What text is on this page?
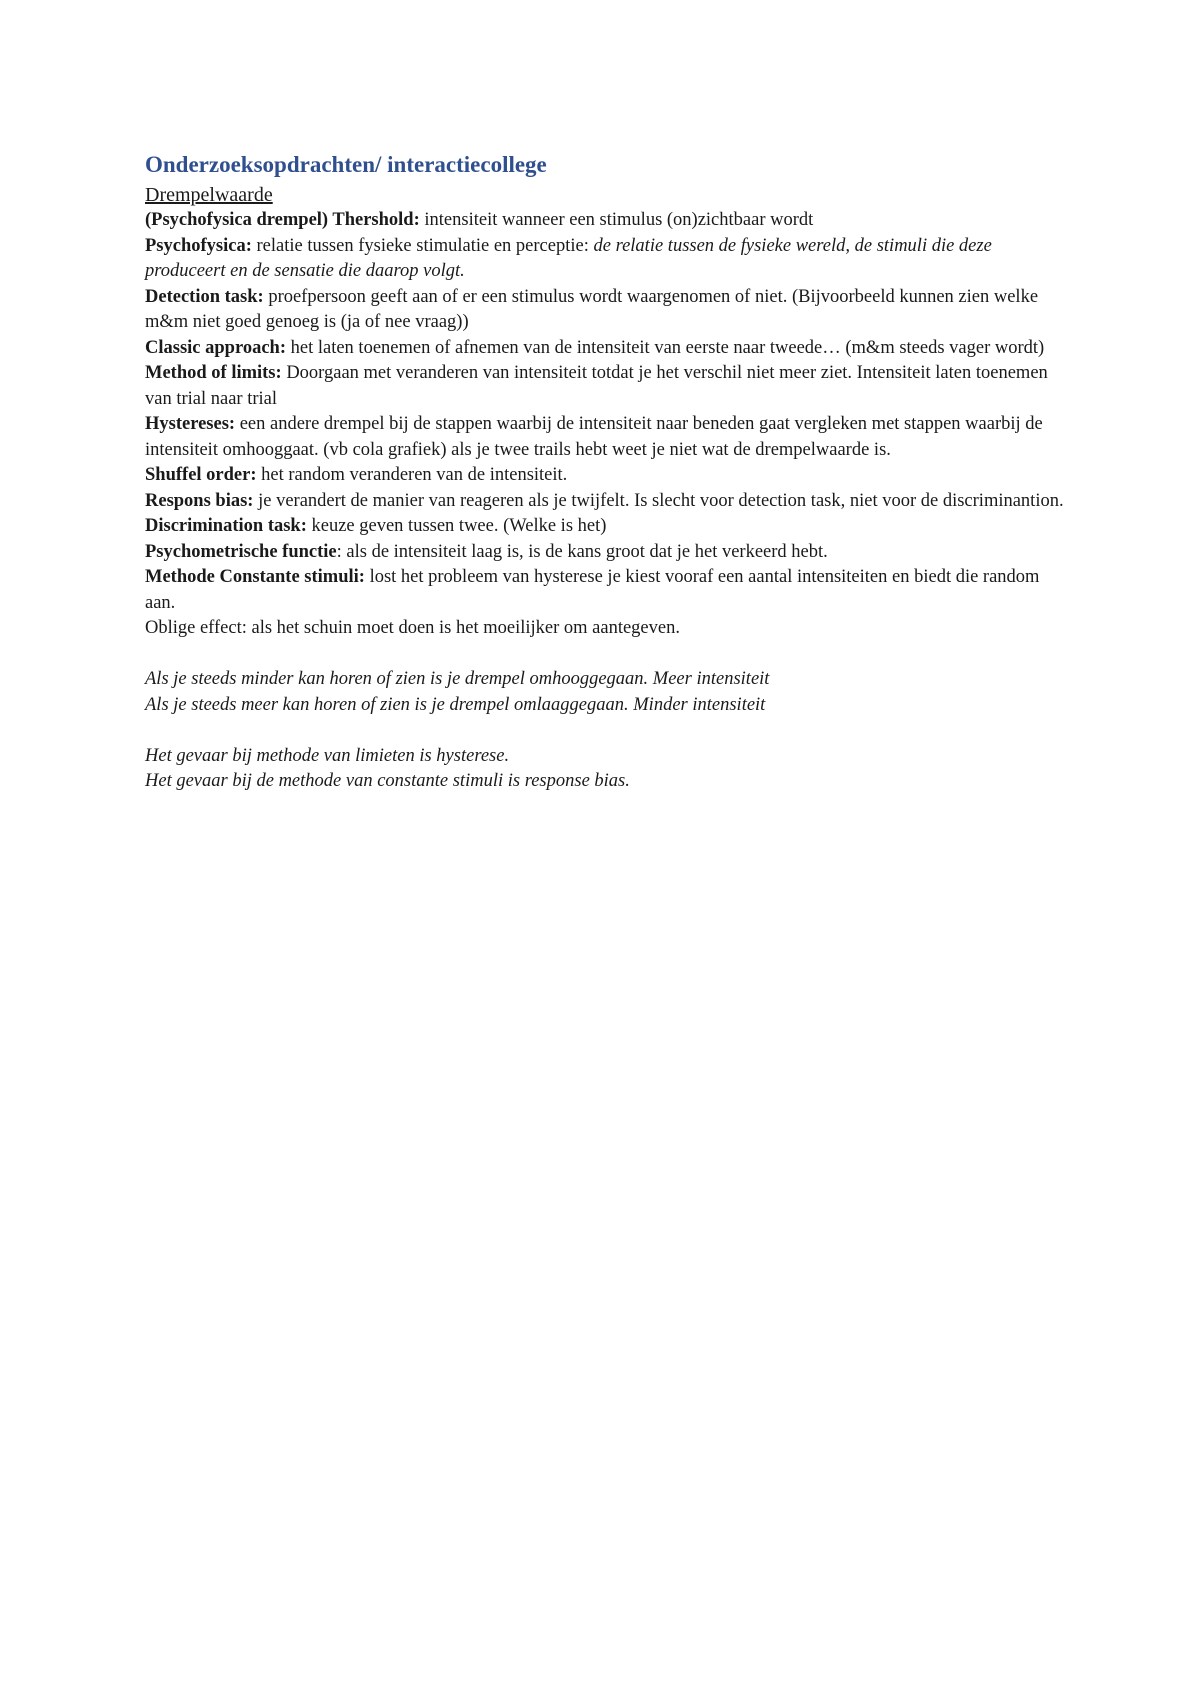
Onderzoeksopdrachten/ interactiecollege
Drempelwaarde

(Psychofysica drempel) Thershold: intensiteit wanneer een stimulus (on)zichtbaar wordt

Psychofysica: relatie tussen fysieke stimulatie en perceptie: de relatie tussen de fysieke wereld, de stimuli die deze produceert en de sensatie die daarop volgt.

Detection task: proefpersoon geeft aan of er een stimulus wordt waargenomen of niet. (Bijvoorbeeld kunnen zien welke m&m niet goed genoeg is (ja of nee vraag))

Classic approach: het laten toenemen of afnemen van de intensiteit van eerste naar tweede… (m&m steeds vager wordt)

Method of limits: Doorgaan met veranderen van intensiteit totdat je het verschil niet meer ziet. Intensiteit laten toenemen van trial naar trial

Hystereses: een andere drempel bij de stappen waarbij de intensiteit naar beneden gaat vergleken met stappen waarbij de intensiteit omhooggaat. (vb cola grafiek) als je twee trails hebt weet je niet wat de drempelwaarde is.

Shuffel order: het random veranderen van de intensiteit.

Respons bias: je verandert de manier van reageren als je twijfelt. Is slecht voor detection task, niet voor de discriminantion.

Discrimination task: keuze geven tussen twee. (Welke is het)

Psychometrische functie: als de intensiteit laag is, is de kans groot dat je het verkeerd hebt.

Methode Constante stimuli: lost het probleem van hysterese je kiest vooraf een aantal intensiteiten en biedt die random aan.

Oblige effect: als het schuin moet doen is het moeilijker om aantegeven.

Als je steeds minder kan horen of zien is je drempel omhooggegaan. Meer intensiteit

Als je steeds meer kan horen of zien is je drempel omlaaggegaan. Minder intensiteit

Het gevaar bij methode van limieten is hysterese.

Het gevaar bij de methode van constante stimuli is response bias.
